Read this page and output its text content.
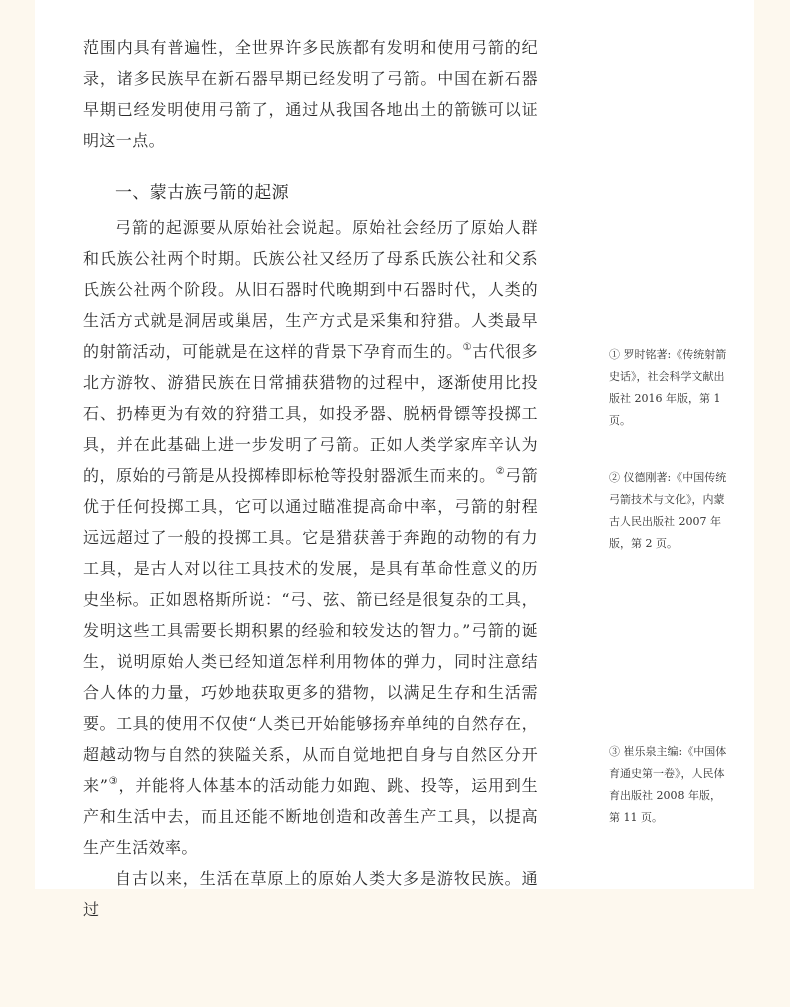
范围内具有普遍性，全世界许多民族都有发明和使用弓箭的纪录，诸多民族早在新石器早期已经发明了弓箭。中国在新石器早期已经发明使用弓箭了，通过从我国各地出土的箭镞可以证明这一点。

一、蒙古族弓箭的起源

弓箭的起源要从原始社会说起。原始社会经历了原始人群和氏族公社两个时期。氏族公社又经历了母系氏族公社和父系氏族公社两个阶段。从旧石器时代晚期到中石器时代，人类的生活方式就是洞居或巢居，生产方式是采集和狩猎。人类最早的射箭活动，可能就是在这样的背景下孕育而生的。①古代很多北方游牧、游猎民族在日常捕获猎物的过程中，逐渐使用比投石、扔棒更为有效的狩猎工具，如投矛器、脱柄骨镖等投掷工具，并在此基础上进一步发明了弓箭。正如人类学家库辛认为的，原始的弓箭是从投掷棒即标枪等投射器派生而来的。②弓箭优于任何投掷工具，它可以通过瞄准提高命中率，弓箭的射程远远超过了一般的投掷工具。它是猎获善于奔跑的动物的有力工具，是古人对以往工具技术的发展，是具有革命性意义的历史坐标。正如恩格斯所说：“弓、弦、箭已经是很复杂的工具，发明这些工具需要长期积累的经验和较发达的智力。”弓箭的诞生，说明原始人类已经知道怎样利用物体的弹力，同时注意结合人体的力量，巧妙地获取更多的猎物，以满足生存和生活需要。工具的使用不仅使“人类已开始能够扬弃单纯的自然存在，超越动物与自然的狭隘关系，从而自觉地把自身与自然区分开来”③，并能将人体基本的活动能力如跑、跳、投等，运用到生产和生活中去，而且还能不断地创造和改善生产工具，以提高生产生活效率。

自古以来，生活在草原上的原始人类大多是游牧民族。通过

① 罗时铭著:《传统射箭史话》，社会科学文献出版社 2016 年版，第 1 页。
② 仪德刚著:《中国传统弓箭技术与文化》，内蒙古人民出版社 2007 年版，第 2 页。
③ 崔乐泉主编:《中国体育通史第一卷》，人民体育出版社 2008 年版，第 11 页。
